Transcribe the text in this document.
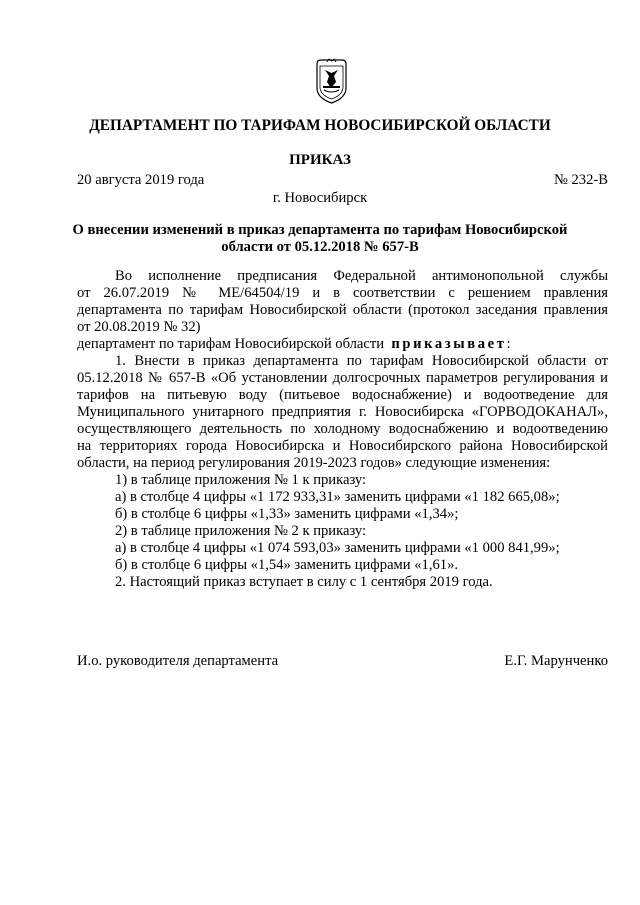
ДЕПАРТАМЕНТ ПО ТАРИФАМ НОВОСИБИРСКОЙ ОБЛАСТИ
ПРИКАЗ
20 августа 2019 года	№ 232-В
г. Новосибирск
О внесении изменений в приказ департамента по тарифам Новосибирской
области от 05.12.2018 № 657-В
Во исполнение предписания Федеральной антимонопольной службы
от 26.07.2019 № МЕ/64504/19 и в соответствии с решением правления
департамента по тарифам Новосибирской области (протокол заседания правления
от 20.08.2019 № 32)
департамент по тарифам Новосибирской области приказывает:
1. Внести в приказ департамента по тарифам Новосибирской области от
05.12.2018 № 657-В «Об установлении долгосрочных параметров регулирования и
тарифов на питьевую воду (питьевое водоснабжение) и водоотведение для
Муниципального унитарного предприятия г. Новосибирска «ГОРВОДОКАНАЛ»,
осуществляющего деятельность по холодному водоснабжению и водоотведению
на территориях города Новосибирска и Новосибирского района Новосибирской
области, на период регулирования 2019-2023 годов» следующие изменения:
1) в таблице приложения № 1 к приказу:
а) в столбце 4 цифры «1 172 933,31» заменить цифрами «1 182 665,08»;
б) в столбце 6 цифры «1,33» заменить цифрами «1,34»;
2) в таблице приложения № 2 к приказу:
а) в столбце 4 цифры «1 074 593,03» заменить цифрами «1 000 841,99»;
б) в столбце 6 цифры «1,54» заменить цифрами «1,61».
2. Настоящий приказ вступает в силу с 1 сентября 2019 года.
И.о. руководителя департамента	Е.Г. Марунченко
